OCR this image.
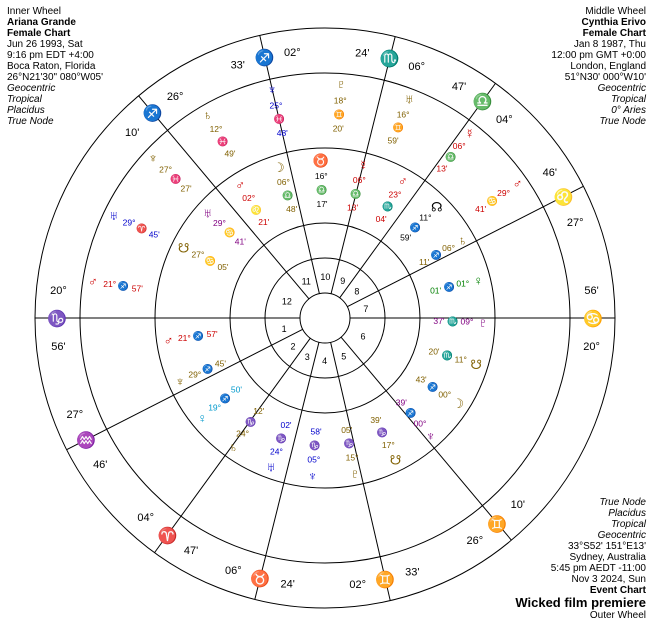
Inner Wheel
Ariana Grande
Female Chart
Jun 26 1993, Sat
9:16 pm EDT +4:00
Boca Raton, Florida
26°N21'30" 080°W05'
Geocentric
Tropical
Placidus
True Node
Middle Wheel
Cynthia Erivo
Female Chart
Jan 8 1987, Thu
12:00 pm GMT +0:00
London, England
51°N30' 000°W10'
Geocentric
Tropical
0° Aries
True Node
True Node
Placidus
Tropical
Geocentric
33°S52' 151°E13'
Sydney, Australia
5:45 pm AEDT -11:00
Nov 3 2024, Sun
Event Chart
Wicked film premiere
Outer Wheel
1
2
3 4 5
6
7
8
9
10
11
12
♑
20°
56'
♒
27°
46'
♈
04°
47'
♉
06°
24'	♊
02°
33'
♊
26°
10'
♋
20°
56'
♌
27°
46'
♎
04°
47'
♏ 06°
24'
♐ 02°
33'
♐
26°
10'
♂ 21° ♐ 57'
♆ 29°
♐
45'
♀
19°
♐
50'
♄
24°
♑
12'
♅
24°
♑
02'
♆
05°
♑
58'
♇
15°
♑
05'
☋
17°
♑
39'
♆
00°
♐
39'	☽
00°
♐
43'
☋
11°
♏
20'
♇
09°
♏
37'
♀
01°
♐
01'
♄
06°
♐
11'
☊
11°
♐
59'
♂
23°
♏
04'
☿
06°
♎
13'
♉
16°
♎
17'
☽
06°
♎
48'
♂
02°
♌
21'
♅
29°
♋
41'
☋ 27°
♋
05'
♂
29°
♋
41'
☿
06°
♎
13'
♅
16°
♊
59'
♇
18°
♊
20'
♆
25°
♓
48'
♄
12°
♓
49'
♆
27°
♓
27'
♅ 29°
♈
45'
♂ 21° ♐ 57'
